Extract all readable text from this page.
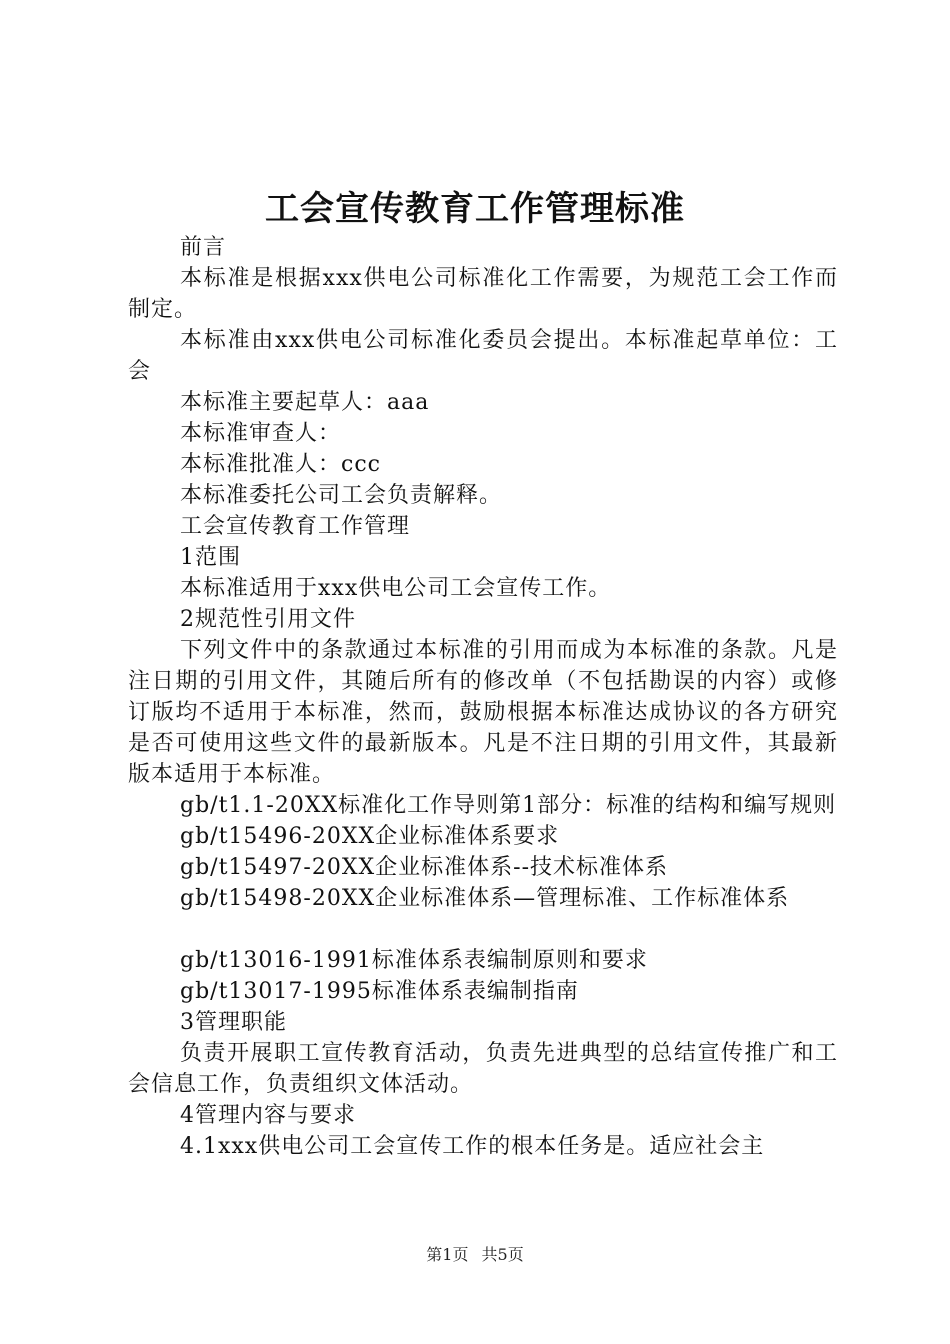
工会宣传教育工作管理标准

前言

本标准是根据xxx供电公司标准化工作需要，为规范工会工作而制定。

本标准由xxx供电公司标准化委员会提出。本标准起草单位：工会

本标准主要起草人：aaa

本标准审查人：

本标准批准人：ccc

本标准委托公司工会负责解释。

工会宣传教育工作管理

1范围

本标准适用于xxx供电公司工会宣传工作。

2规范性引用文件

下列文件中的条款通过本标准的引用而成为本标准的条款。凡是注日期的引用文件，其随后所有的修改单（不包括勘误的内容）或修订版均不适用于本标准，然而，鼓励根据本标准达成协议的各方研究是否可使用这些文件的最新版本。凡是不注日期的引用文件，其最新版本适用于本标准。

gb/t1.1-20XX标准化工作导则第1部分：标准的结构和编写规则

gb/t15496-20XX企业标准体系要求

gb/t15497-20XX企业标准体系--技术标准体系

gb/t15498-20XX企业标准体系—管理标准、工作标准体系

gb/t13016-1991标准体系表编制原则和要求

gb/t13017-1995标准体系表编制指南

3管理职能

负责开展职工宣传教育活动，负责先进典型的总结宣传推广和工会信息工作，负责组织文体活动。

4管理内容与要求

4.1xxx供电公司工会宣传工作的根本任务是。适应社会主

第1页 共5页
